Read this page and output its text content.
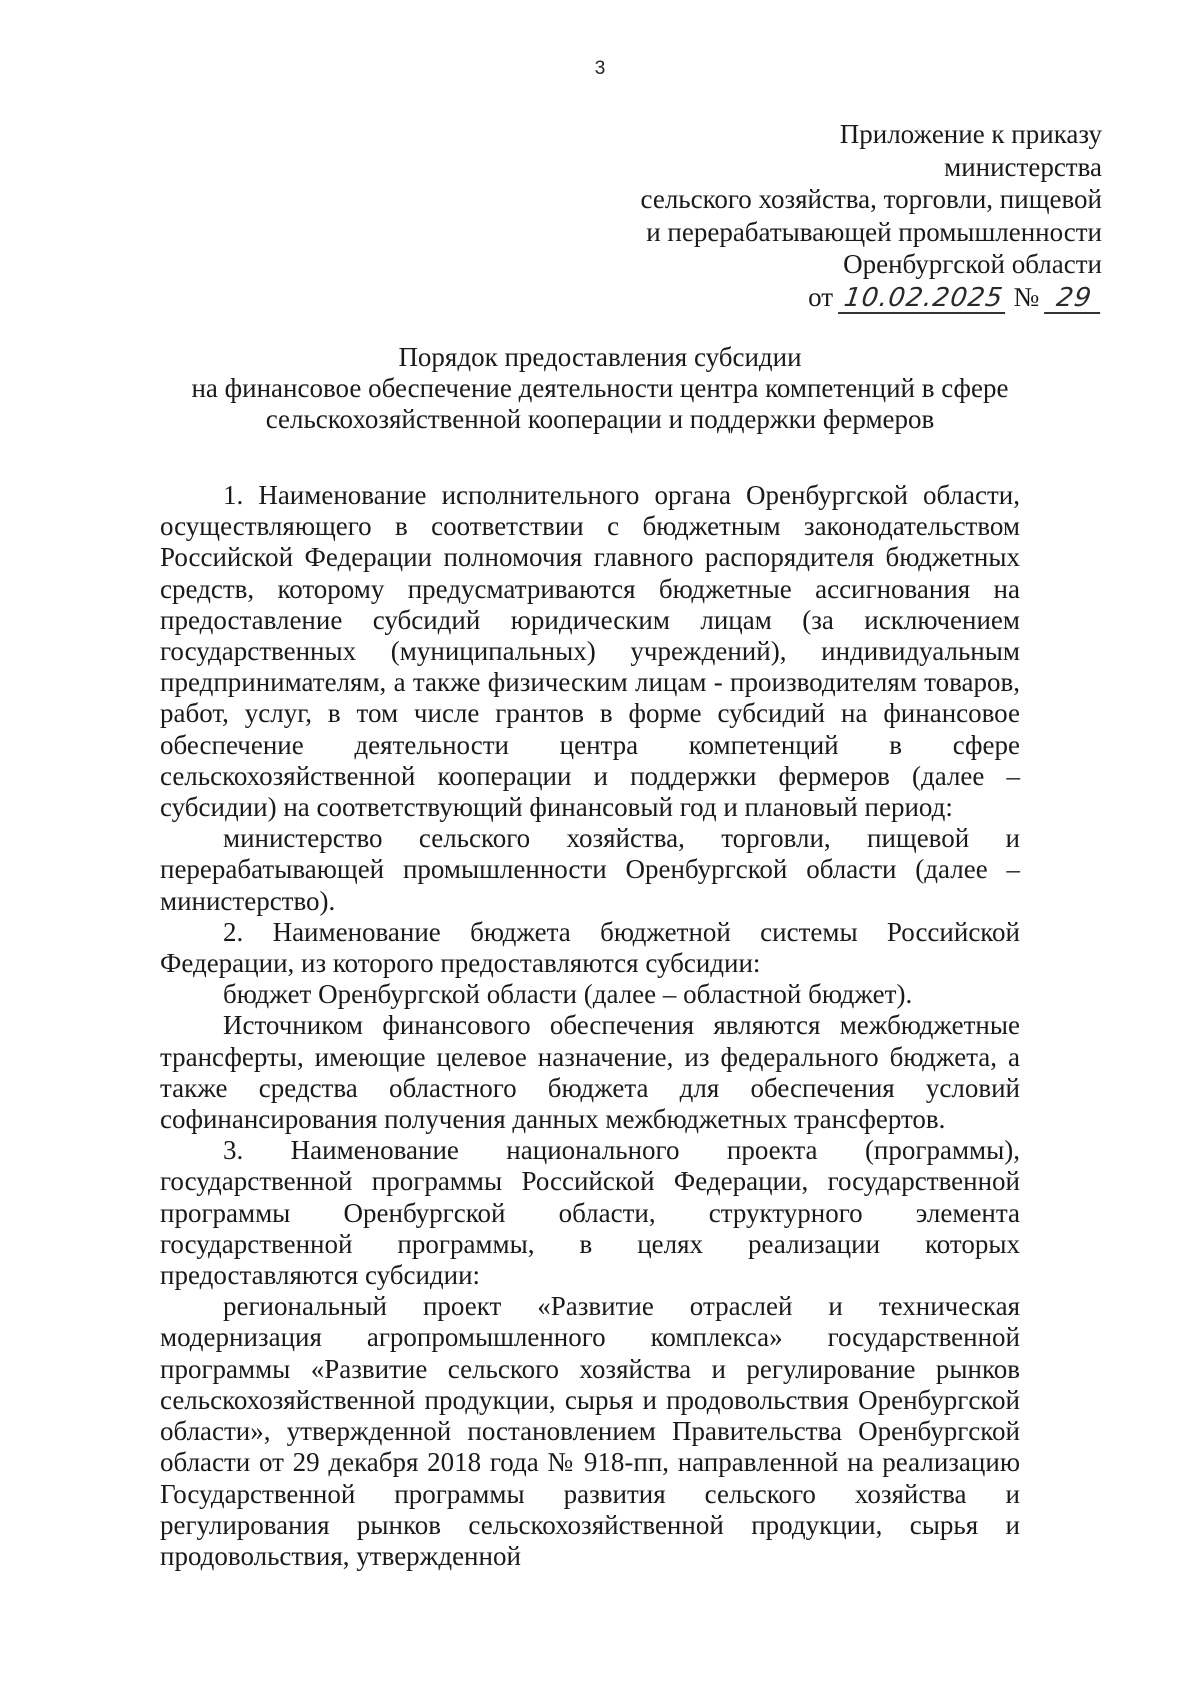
3
Приложение к приказу
министерства
сельского хозяйства, торговли, пищевой
и перерабатывающей промышленности
Оренбургской области
от 10.02.2025 № 29
Порядок предоставления субсидии
на финансовое обеспечение деятельности центра компетенций в сфере
сельскохозяйственной кооперации и поддержки фермеров

1. Наименование исполнительного органа Оренбургской области, осуществляющего в соответствии с бюджетным законодательством Российской Федерации полномочия главного распорядителя бюджетных средств, которому предусматриваются бюджетные ассигнования на предоставление субсидий юридическим лицам (за исключением государственных (муниципальных) учреждений), индивидуальным предпринимателям, а также физическим лицам - производителям товаров, работ, услуг, в том числе грантов в форме субсидий на финансовое обеспечение деятельности центра компетенций в сфере сельскохозяйственной кооперации и поддержки фермеров (далее – субсидии) на соответствующий финансовый год и плановый период:

министерство сельского хозяйства, торговли, пищевой и перерабатывающей промышленности Оренбургской области (далее – министерство).

2. Наименование бюджета бюджетной системы Российской Федерации, из которого предоставляются субсидии:

бюджет Оренбургской области (далее – областной бюджет).

Источником финансового обеспечения являются межбюджетные трансферты, имеющие целевое назначение, из федерального бюджета, а также средства областного бюджета для обеспечения условий софинансирования получения данных межбюджетных трансфертов.

3. Наименование национального проекта (программы), государственной программы Российской Федерации, государственной программы Оренбургской области, структурного элемента государственной программы, в целях реализации которых предоставляются субсидии:

региональный проект «Развитие отраслей и техническая модернизация агропромышленного комплекса» государственной программы «Развитие сельского хозяйства и регулирование рынков сельскохозяйственной продукции, сырья и продовольствия Оренбургской области», утвержденной постановлением Правительства Оренбургской области от 29 декабря 2018 года № 918-пп, направленной на реализацию Государственной программы развития сельского хозяйства и регулирования рынков сельскохозяйственной продукции, сырья и продовольствия, утвержденной
